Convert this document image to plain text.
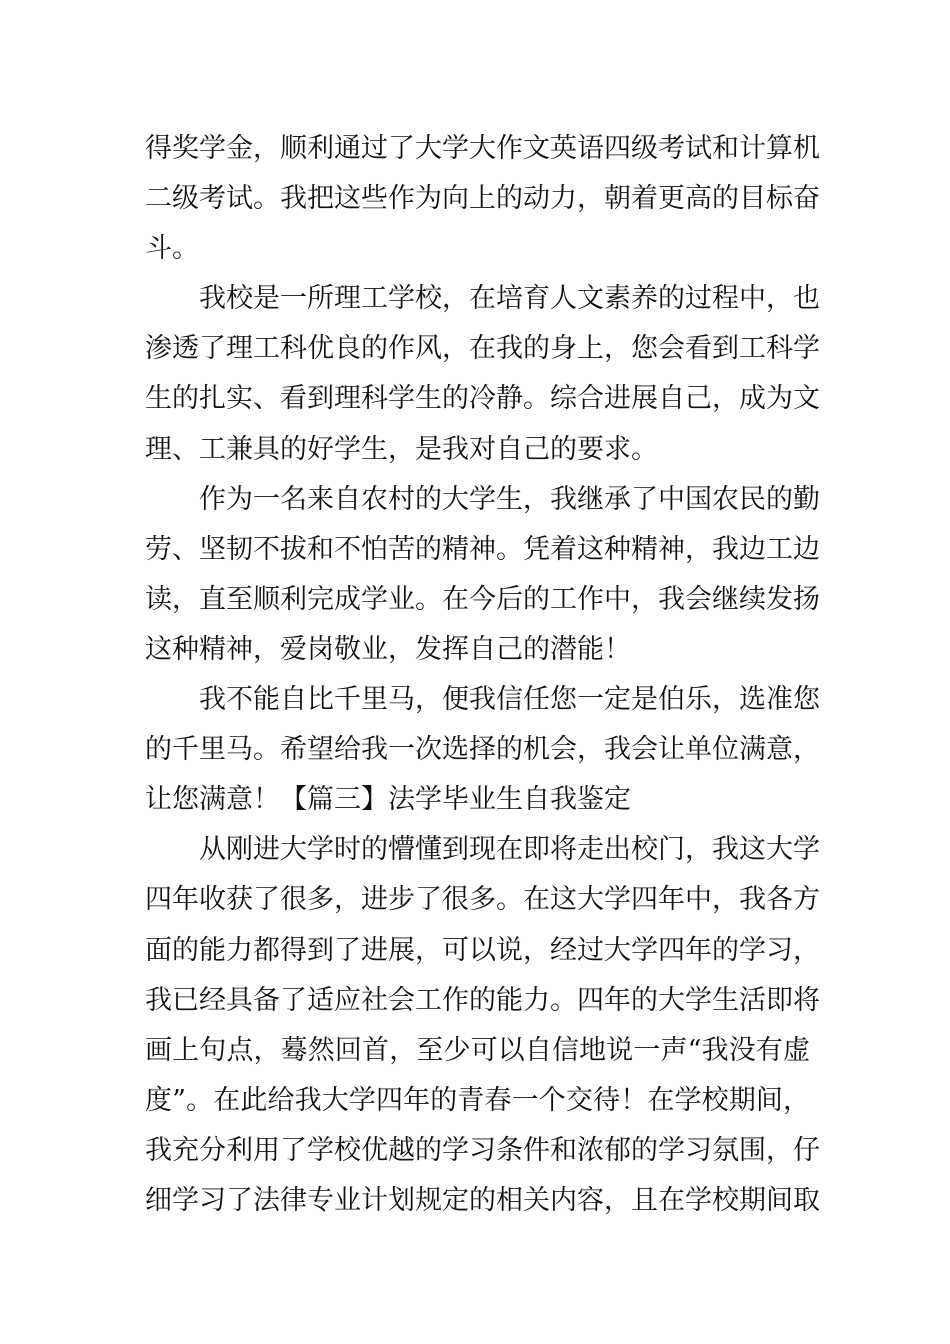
得奖学金，顺利通过了大学大作文英语四级考试和计算机
二级考试。我把这些作为向上的动力，朝着更高的目标奋
斗。
我校是一所理工学校，在培育人文素养的过程中，也
渗透了理工科优良的作风，在我的身上，您会看到工科学
生的扎实、看到理科学生的冷静。综合进展自己，成为文
理、工兼具的好学生，是我对自己的要求。
作为一名来自农村的大学生，我继承了中国农民的勤
劳、坚韧不拔和不怕苦的精神。凭着这种精神，我边工边
读，直至顺利完成学业。在今后的工作中，我会继续发扬
这种精神，爱岗敬业，发挥自己的潜能！
我不能自比千里马，便我信任您一定是伯乐，选准您
的千里马。希望给我一次选择的机会，我会让单位满意，
让您满意！【篇三】法学毕业生自我鉴定
从刚进大学时的懵懂到现在即将走出校门，我这大学
四年收获了很多，进步了很多。在这大学四年中，我各方
面的能力都得到了进展，可以说，经过大学四年的学习，
我已经具备了适应社会工作的能力。四年的大学生活即将
画上句点，蓦然回首，至少可以自信地说一声“我没有虚
度”。在此给我大学四年的青春一个交待！在学校期间，
我充分利用了学校优越的学习条件和浓郁的学习氛围，仔
细学习了法律专业计划规定的相关内容，且在学校期间取
